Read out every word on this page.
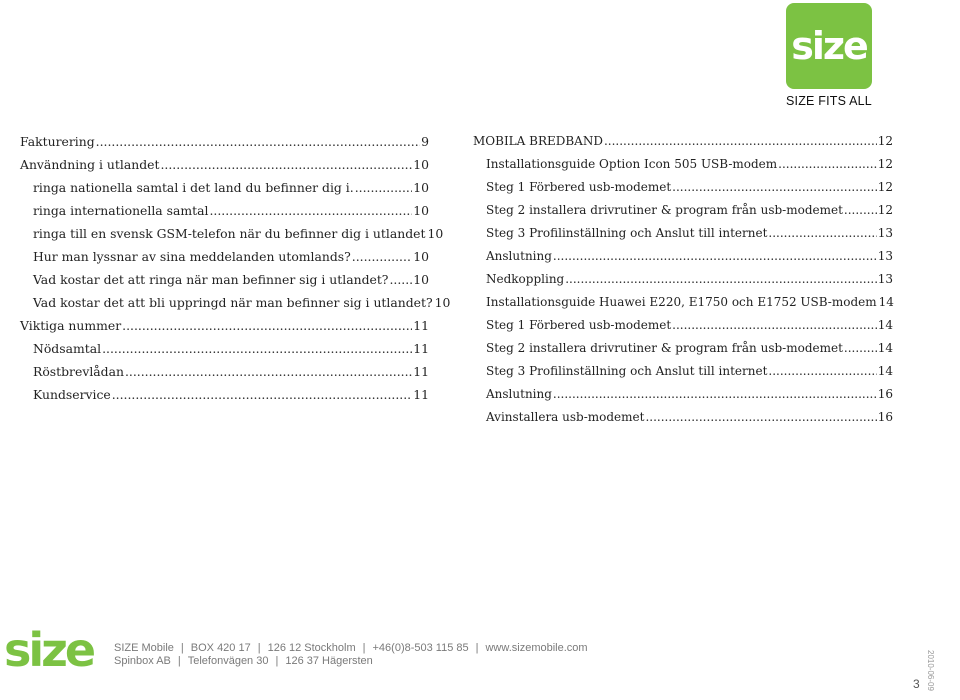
size
SIZE FITS ALL
Fakturering .....	9
Användning i utlandet .....	10
ringa nationella samtal i det land du befinner dig i. .....	10
ringa internationella samtal .....	10
ringa till en svensk GSM-telefon när du befinner dig i utlandet 10
Hur man lyssnar av sina meddelanden utomlands? .....	10
Vad kostar det att ringa när man befinner sig i utlandet? ..... 10
Vad kostar det att bli uppringd när man befinner sig i utlandet? 10
Viktiga nummer .....	11
Nödsamtal .....	11
Röstbrevlådan .....	11
Kundservice .....	11
MOBILA BREDBAND .....	12
Installationsguide Option Icon 505 USB-modem .....	12
Steg 1 Förbered usb-modemet .....	12
Steg 2 installera drivrutiner & program från usb-modemet .....	12
Steg 3 Profilinställning och Anslut till internet .....	13
Anslutning .....	13
Nedkoppling .....	13
Installationsguide Huawei E220, E1750 och E1752 USB-modem 14
Steg 1 Förbered usb-modemet .....	14
Steg 2 installera drivrutiner & program från usb-modemet .....	14
Steg 3 Profilinställning och Anslut till internet .....	14
Anslutning .....	16
Avinstallera usb-modemet .....	16
size SIZE Mobile | BOX 420 17 | 126 12 Stockholm | +46(0)8-503 115 85 | www.sizemobile.com
Spinbox AB | Telefonvägen 30 | 126 37 Hägersten
3 2010-06-09
